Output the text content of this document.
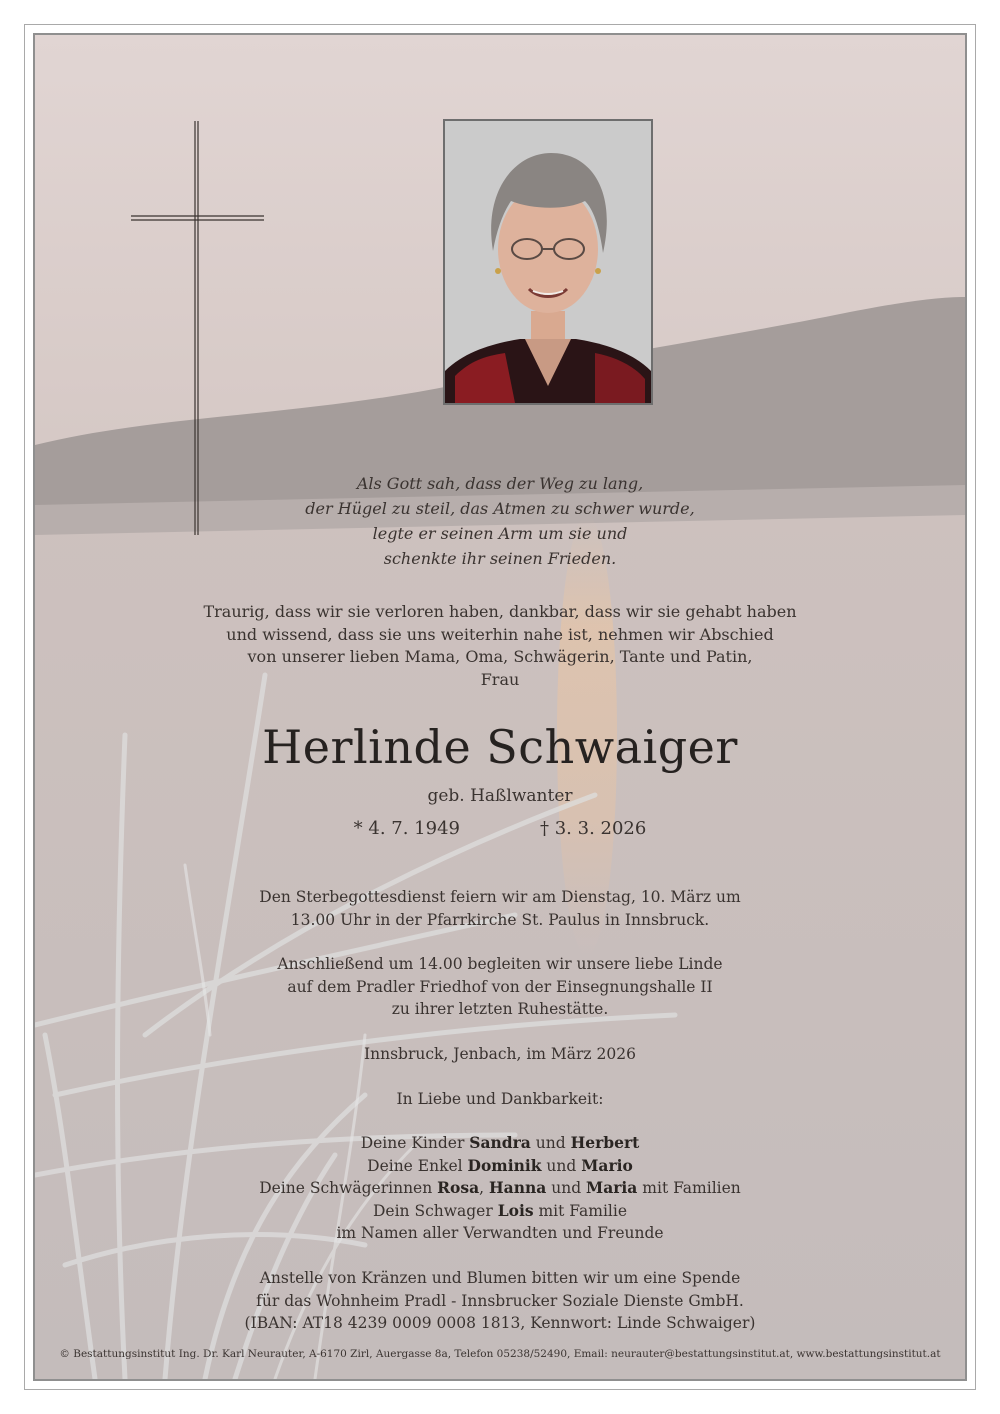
Als Gott sah, dass der Weg zu lang,
der Hügel zu steil, das Atmen zu schwer wurde,
legte er seinen Arm um sie und
schenkte ihr seinen Frieden.
Traurig, dass wir sie verloren haben, dankbar, dass wir sie gehabt haben
und wissend, dass sie uns weiterhin nahe ist, nehmen wir Abschied
von unserer lieben Mama, Oma, Schwägerin, Tante und Patin,
Frau
Herlinde Schwaiger
geb. Haßlwanter
* 4. 7. 1949	† 3. 3. 2026
Den Sterbegottesdienst feiern wir am Dienstag, 10. März um
13.00 Uhr in der Pfarrkirche St. Paulus in Innsbruck.
Anschließend um 14.00 begleiten wir unsere liebe Linde
auf dem Pradler Friedhof von der Einsegnungshalle II
zu ihrer letzten Ruhestätte.
Innsbruck, Jenbach, im März 2026
In Liebe und Dankbarkeit:
Deine Kinder Sandra und Herbert
Deine Enkel Dominik und Mario
Deine Schwägerinnen Rosa, Hanna und Maria mit Familien
Dein Schwager Lois mit Familie
im Namen aller Verwandten und Freunde
Anstelle von Kränzen und Blumen bitten wir um eine Spende
für das Wohnheim Pradl - Innsbrucker Soziale Dienste GmbH.
(IBAN: AT18 4239 0009 0008 1813, Kennwort: Linde Schwaiger)
© Bestattungsinstitut Ing. Dr. Karl Neurauter, A-6170 Zirl, Auergasse 8a, Telefon 05238/52490, Email: neurauter@bestattungsinstitut.at, www.bestattungsinstitut.at
